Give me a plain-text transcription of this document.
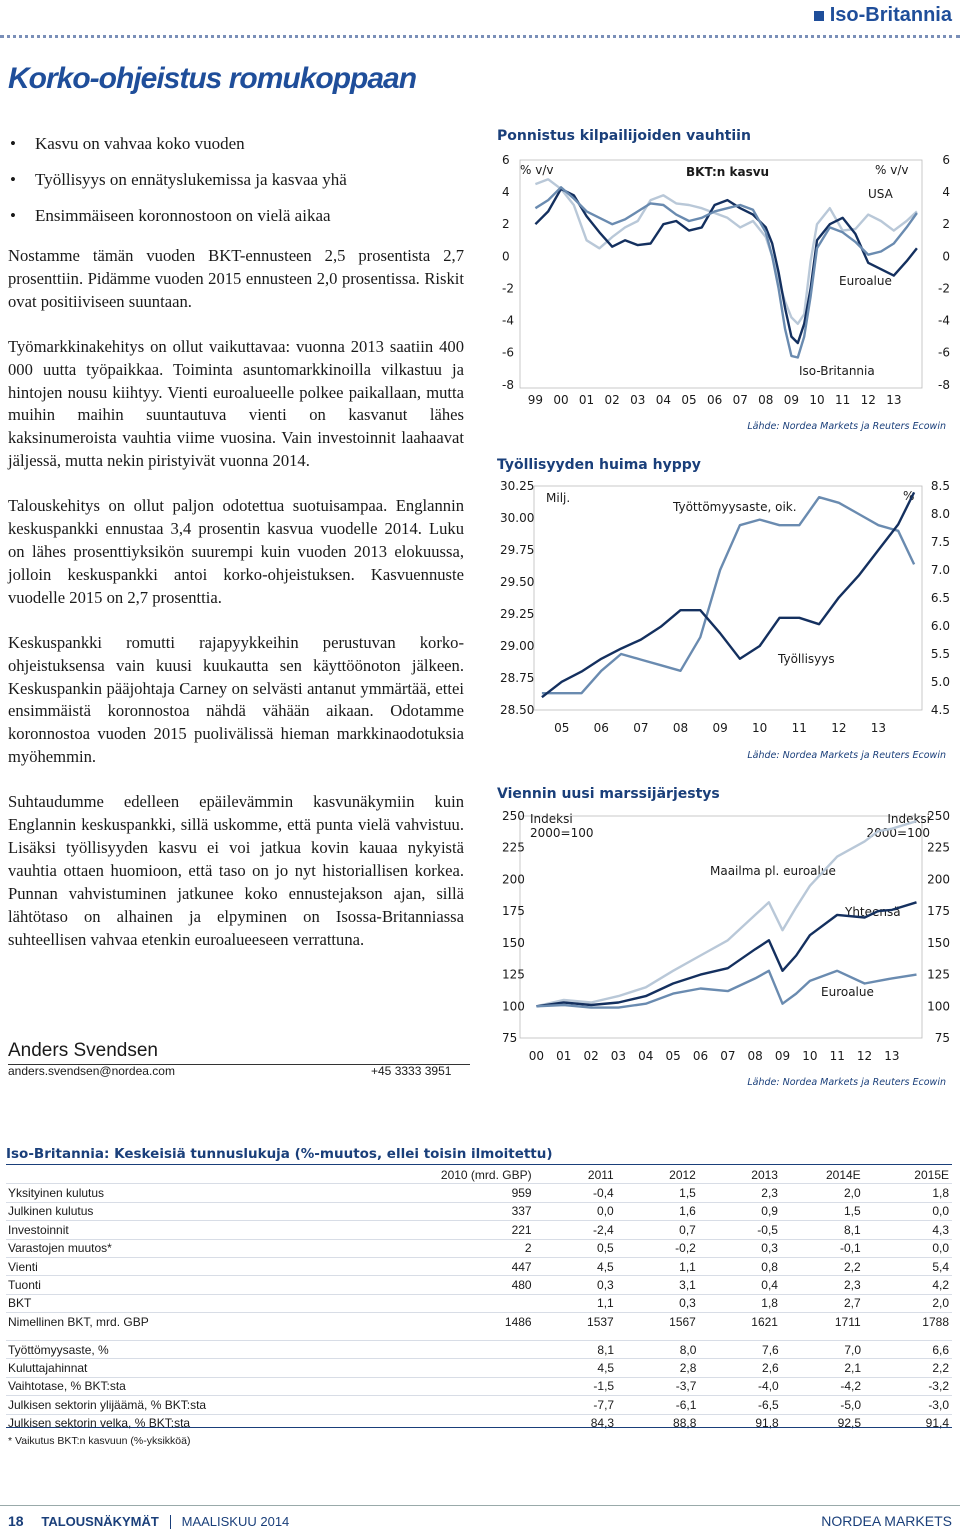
Iso-Britannia
Korko-ohjeistus romukoppaan
• Kasvu on vahvaa koko vuoden
• Työllisyys on ennätyslukemissa ja kasvaa yhä
• Ensimmäiseen koronnostoon on vielä aikaa

Nostamme tämän vuoden BKT-ennusteen 2,5 prosentista 2,7 prosenttiin. Pidämme vuoden 2015 ennusteen 2,0 prosentissa. Riskit ovat positiiviseen suuntaan.

Työmarkkinakehitys on ollut vaikuttavaa: vuonna 2013 saatiin 400 000 uutta työpaikkaa. Toiminta asuntomarkkinoilla vilkastuu ja hintojen nousu kiihtyy. Vienti euroalueelle polkee paikallaan, mutta muihin maihin suuntautuva vienti on kasvanut lähes kaksinumeroista vauhtia viime vuosina. Vain investoinnit laahaavat jäljessä, mutta nekin piristyivät vuonna 2014.

Talouskehitys on ollut paljon odotettua suotuisampaa. Englannin keskuspankki ennustaa 3,4 prosentin kasvua vuodelle 2014. Luku on lähes prosenttiyksikön suurempi kuin vuoden 2013 elokuussa, jolloin keskuspankki antoi korko-ohjeistuksen. Kasvuennuste vuodelle 2015 on 2,7 prosenttia.

Keskuspankki romutti rajapyykkeihin perustuvan korko-ohjeistuksensa vain kuusi kuukautta sen käyttöönoton jälkeen. Keskuspankin pääjohtaja Carney on selvästi antanut ymmärtää, ettei ensimmäistä koronnostoa nähdä vähään aikaan. Odotamme koronnostoa vuoden 2015 puolivälissä hieman markkinaodotuksia myöhemmin.

Suhtaudumme edelleen epäilevämmin kasvunäkymiin kuin Englannin keskuspankki, sillä uskomme, että punta vielä vahvistuu. Lisäksi työllisyyden kasvu ei voi jatkua kovin kauaa nykyistä vauhtia ottaen huomioon, että taso on jo nyt historiallisen korkea. Punnan vahvistuminen jatkunee koko ennustejakson ajan, sillä lähtötaso on alhainen ja elpyminen on Isossa-Britanniassa suhteellisen vahvaa etenkin euroalueeseen verrattuna.

Anders Svendsen
anders.svendsen@nordea.com	+45 3333 3951
Ponnistus kilpailijoiden vauhtiin
% v/v	% v/v
BKT:n kasvu
USA
Euroalue
Iso-Britannia
6
4
2
0
-2
-4
-6
-8
6
4
2
0
-2
-4
-6
-8
99 00 01 02 03 04 05 06 07 08 09 10 11 12 13
Lähde: Nordea Markets ja Reuters Ecowin
Työllisyyden huima hyppy
Milj.	%
Työttömyysaste, oik.
Työllisyys
30.25
30.00
29.75
29.50
29.25
29.00
28.75
28.50
8.5
8.0
7.5
7.0
6.5
6.0
5.5
5.0
4.5
05 06 07 08 09 10 11 12 13
Lähde: Nordea Markets ja Reuters Ecowin
Viennin uusi marssijärjestys
Indeksi 2000=100
Indeksi 2000=100
Maailma pl. euroalue
Yhteensä
Euroalue
250
225
200
175
150
125
100
75
250
225
200
175
150
125
100
75
00 01 02 03 04 05 06 07 08 09 10 11 12 13
Lähde: Nordea Markets ja Reuters Ecowin
Iso-Britannia: Keskeisiä tunnuslukuja (%-muutos, ellei toisin ilmoitettu)
	2010 (mrd. GBP)	2011	2012	2013	2014E	2015E
Yksityinen kulutus	959	-0,4	1,5	2,3	2,0	1,8
Julkinen kulutus	337	0,0	1,6	0,9	1,5	0,0
Investoinnit	221	-2,4	0,7	-0,5	8,1	4,3
Varastojen muutos*	2	0,5	-0,2	0,3	-0,1	0,0
Vienti	447	4,5	1,1	0,8	2,2	5,4
Tuonti	480	0,3	3,1	0,4	2,3	4,2
BKT		1,1	0,3	1,8	2,7	2,0
Nimellinen BKT, mrd. GBP	1486	1537	1567	1621	1711	1788
Työttömyysaste, %		8,1	8,0	7,6	7,0	6,6
Kuluttajahinnat		4,5	2,8	2,6	2,1	2,2
Vaihtotase, % BKT:sta		-1,5	-3,7	-4,0	-4,2	-3,2
Julkisen sektorin ylijäämä, % BKT:sta		-7,7	-6,1	-6,5	-5,0	-3,0
Julkisen sektorin velka, % BKT:sta		84,3	88,8	91,8	92,5	91,4
* Vaikutus BKT:n kasvuun (%-yksikköä)
18 TALOUSNÄKYMÄT MAALISKUU 2014	NORDEA MARKETS
